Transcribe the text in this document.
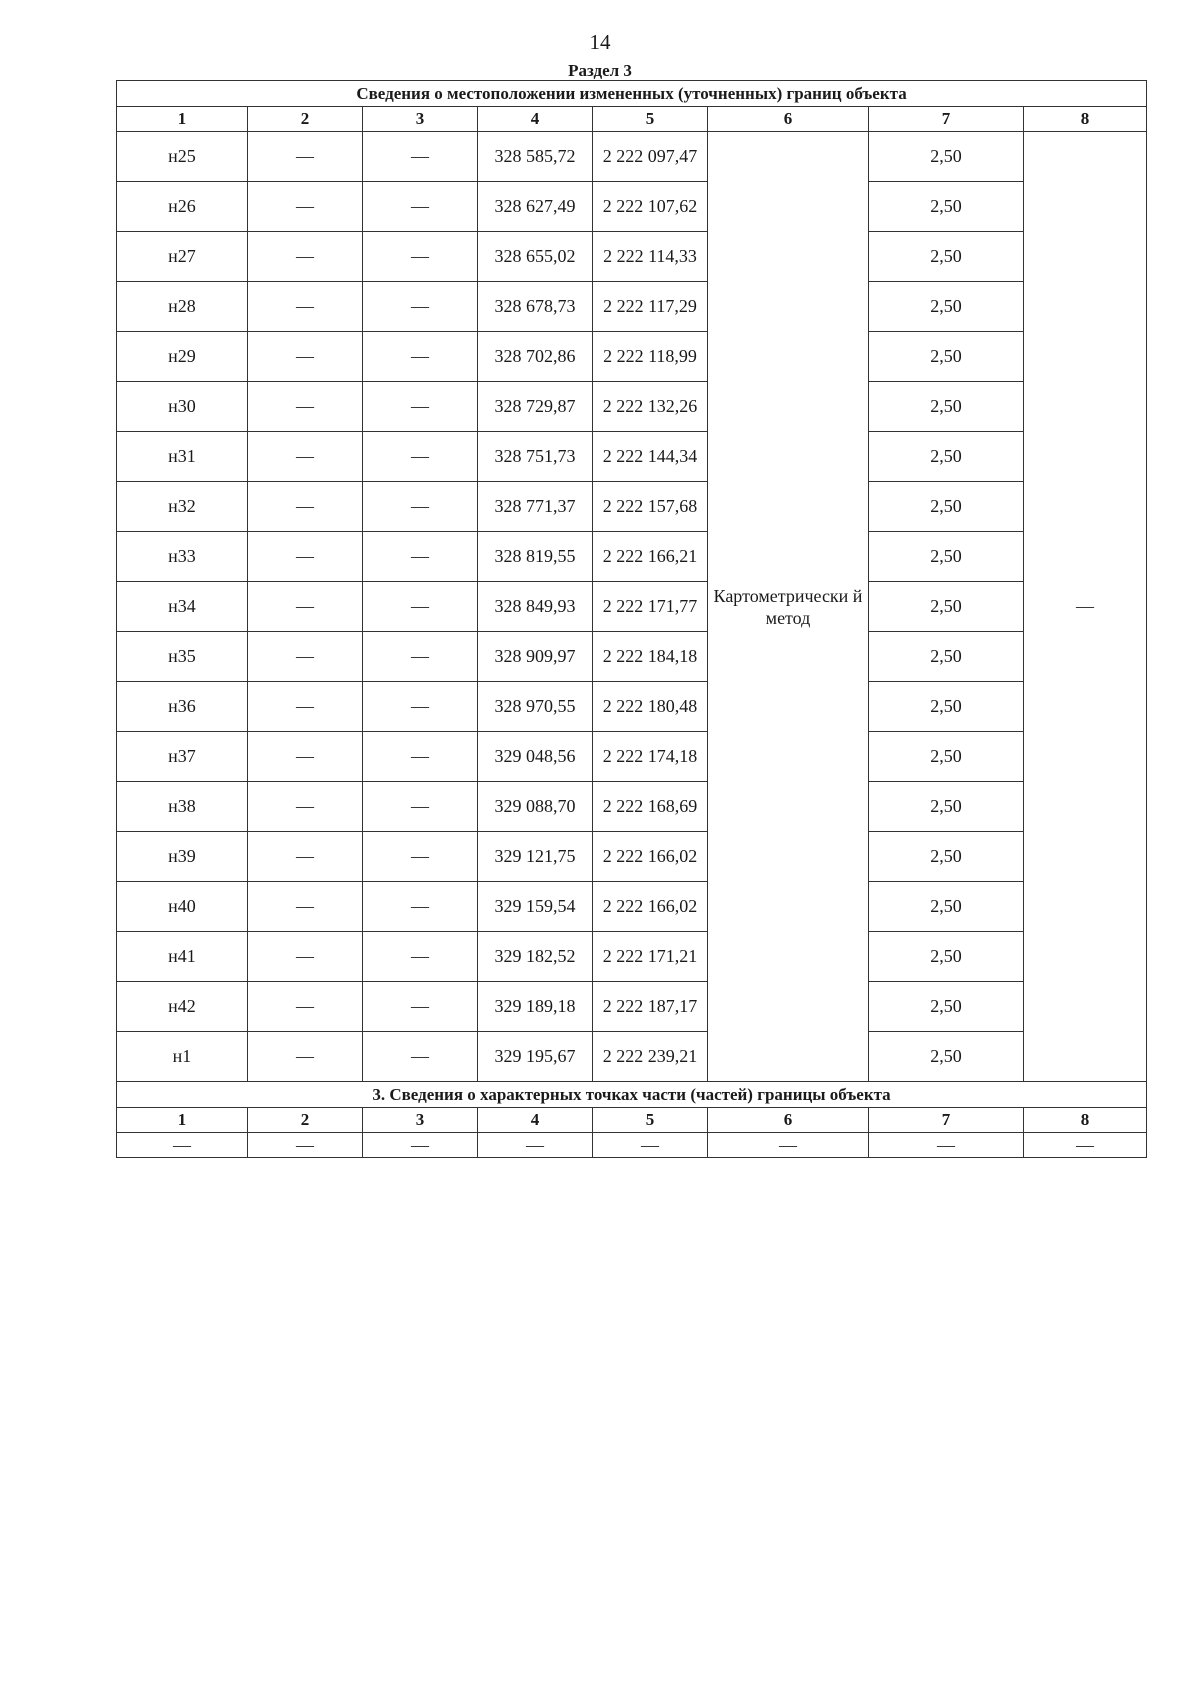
14
Раздел 3
Сведения о местоположении измененных (уточненных) границ объекта							
1	2	3	4	5	6	7	8
н25	—	—	328 585,72	2 222 097,47	Картометрически й метод	2,50	—
н26	—	—	328 627,49	2 222 107,62		2,50	
н27	—	—	328 655,02	2 222 114,33		2,50	
н28	—	—	328 678,73	2 222 117,29		2,50	
н29	—	—	328 702,86	2 222 118,99		2,50	
н30	—	—	328 729,87	2 222 132,26		2,50	
н31	—	—	328 751,73	2 222 144,34		2,50	
н32	—	—	328 771,37	2 222 157,68		2,50	
н33	—	—	328 819,55	2 222 166,21		2,50	
н34	—	—	328 849,93	2 222 171,77		2,50	
н35	—	—	328 909,97	2 222 184,18		2,50	
н36	—	—	328 970,55	2 222 180,48		2,50	
н37	—	—	329 048,56	2 222 174,18		2,50	
н38	—	—	329 088,70	2 222 168,69		2,50	
н39	—	—	329 121,75	2 222 166,02		2,50	
н40	—	—	329 159,54	2 222 166,02		2,50	
н41	—	—	329 182,52	2 222 171,21		2,50	
н42	—	—	329 189,18	2 222 187,17		2,50	
н1	—	—	329 195,67	2 222 239,21		2,50	
3. Сведения о характерных точках части (частей) границы объекта							
1	2	3	4	5	6	7	8
—	—	—	—	—	—	—	—
